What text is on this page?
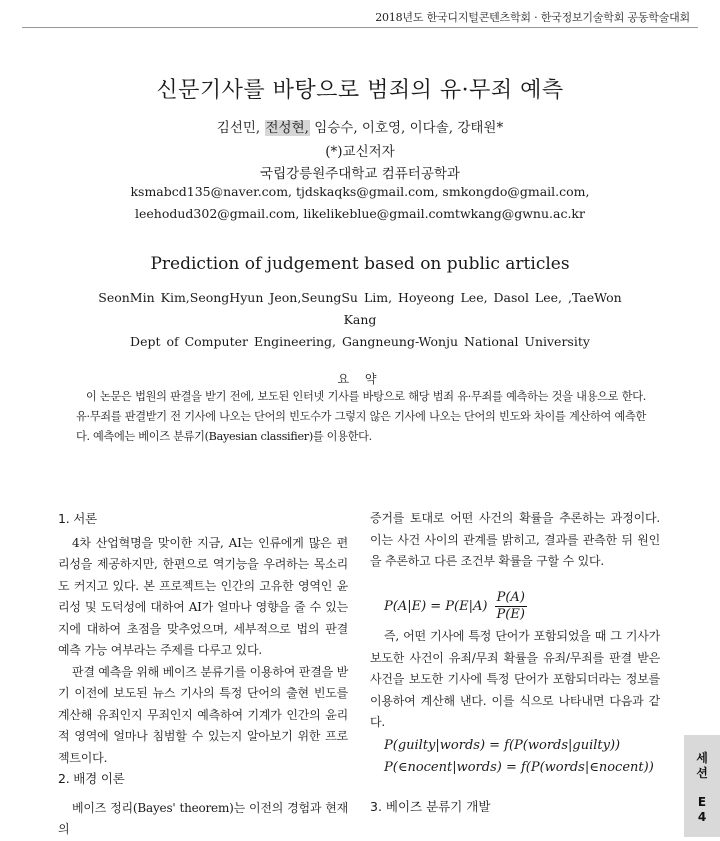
2018년도 한국디지털콘텐츠학회 · 한국정보기술학회 공동학술대회
신문기사를 바탕으로 범죄의 유·무죄 예측
김선민, 전성현, 임승수, 이호영, 이다솔, 강태원*
(*)교신저자
국립강릉원주대학교 컴퓨터공학과
ksmabcd135@naver.com, tjdskaqks@gmail.com, smkongdo@gmail.com,
leehodud302@gmail.com, likelikeblue@gmail.comtwkang@gwnu.ac.kr
Prediction of judgement based on public articles
SeonMin Kim,SeongHyun Jeon,SeungSu Lim, Hoyeong Lee, Dasol Lee, ,TaeWon
Kang
Dept of Computer Engineering, Gangneung-Wonju National University
요 약
이 논문은 법원의 판결을 받기 전에, 보도된 인터넷 기사를 바탕으로 해당 범죄 유·무죄를 예측하는 것을 내용으로 한다. 유·무죄를 판결받기 전 기사에 나오는 단어의 빈도수가 그렇지 않은 기사에 나오는 단어의 빈도와 차이를 계산하여 예측한다. 예측에는 베이즈 분류기(Bayesian classifier)를 이용한다.
1. 서론

4차 산업혁명을 맞이한 지금, AI는 인류에게 많은 편리성을 제공하지만, 한편으로 역기능을 우려하는 목소리도 커지고 있다. 본 프로젝트는 인간의 고유한 영역인 윤리성 및 도덕성에 대하여 AI가 얼마나 영향을 줄 수 있는지에 대하여 초점을 맞추었으며, 세부적으로 법의 판결 예측 가능 여부라는 주제를 다루고 있다.

판결 예측을 위해 베이즈 분류기를 이용하여 판결을 받기 이전에 보도된 뉴스 기사의 특정 단어의 출현 빈도를 계산해 유죄인지 무죄인지 예측하여 기계가 인간의 윤리적 영역에 얼마나 침범할 수 있는지 알아보기 위한 프로젝트이다.

2. 배경 이론

베이즈 정리(Bayes' theorem)는 이전의 경험과 현재의

증거를 토대로 어떤 사건의 확률을 추론하는 과정이다. 이는 사건 사이의 관계를 밝히고, 결과를 관측한 뒤 원인을 추론하고 다른 조건부 확률을 구할 수 있다.

$P(A|E) = P(E|A) \frac{P(A)}{P(E)}$

즉, 어떤 기사에 특정 단어가 포함되었을 때 그 기사가 보도한 사건이 유죄/무죄 확률을 유죄/무죄를 판결 받은 사건을 보도한 기사에 특정 단어가 포함되더라는 정보를 이용하여 계산해 낸다. 이를 식으로 나타내면 다음과 같다.

P(guilty|words) = f(P(words|guilty))
P(∈nocent|words) = f(P(words|∈nocent))
3. 베이즈 분류기 개발
세
션
E
4
